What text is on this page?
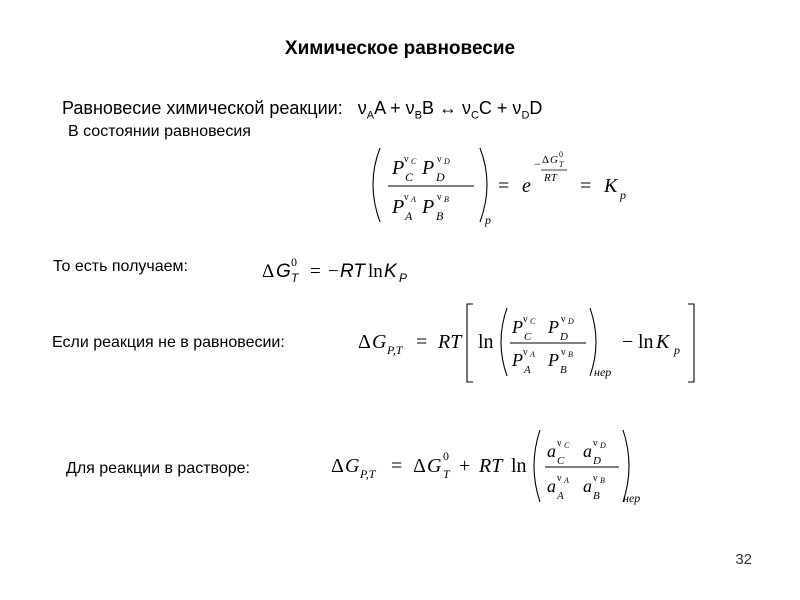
Химическое равновесие
Равновесие химической реакции: $\nu_AA + \nu_BB$ ↔ $\nu_CC + \nu_DD$
В состоянии равновесия
P C
ν C P D
ν D
P A
ν A P B
ν B
p
= e
− Δ G 0
T
RT = K p
То есть получаем:	Δ G 0
T = − RT ln K P
Если реакция не в равновесии:	Δ G P,T = RT ln
P C
ν C P D
ν D
P A
ν A P B
ν B
нер
− ln K p
Для реакции в растворе:	Δ G P,T = Δ G 0
T + RT ln
a C
ν C a D
ν D
a A
ν A a B
ν B
нер
32
